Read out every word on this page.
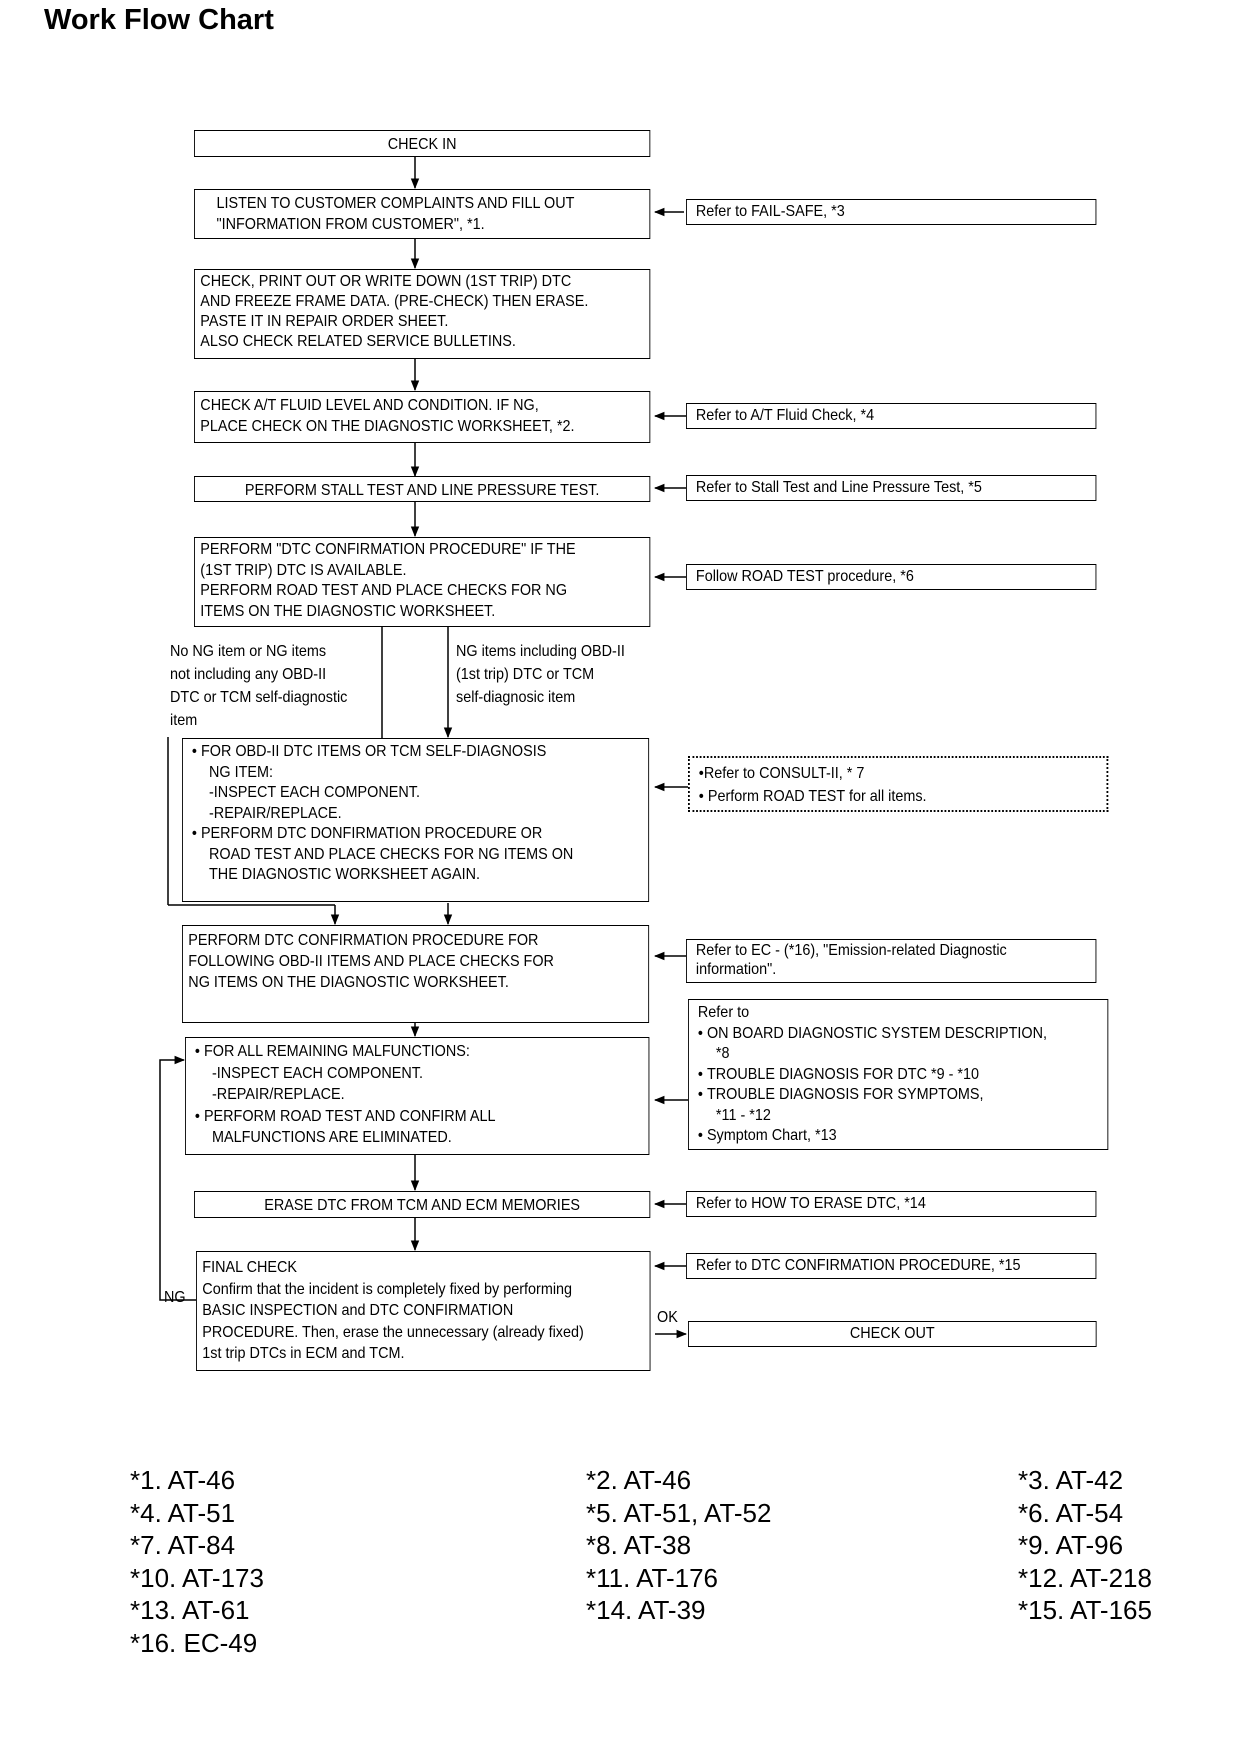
Work Flow Chart
CHECK IN
LISTEN TO CUSTOMER COMPLAINTS AND FILL OUT
"INFORMATION FROM CUSTOMER", *1.
CHECK, PRINT OUT OR WRITE DOWN (1ST TRIP) DTC
AND FREEZE FRAME DATA. (PRE-CHECK) THEN ERASE.
PASTE IT IN REPAIR ORDER SHEET.
ALSO CHECK RELATED SERVICE BULLETINS.
CHECK A/T FLUID LEVEL AND CONDITION. IF NG,
PLACE CHECK ON THE DIAGNOSTIC WORKSHEET, *2.
PERFORM STALL TEST AND LINE PRESSURE TEST.
PERFORM "DTC CONFIRMATION PROCEDURE" IF THE
(1ST TRIP) DTC IS AVAILABLE.
PERFORM ROAD TEST AND PLACE CHECKS FOR NG
ITEMS ON THE DIAGNOSTIC WORKSHEET.
No NG item or NG items
not including any OBD-II
DTC or TCM self-diagnostic
item
NG items including OBD-II
(1st trip) DTC or TCM
self-diagnosic item
• FOR OBD-II DTC ITEMS OR TCM SELF-DIAGNOSIS
NG ITEM:
-INSPECT EACH COMPONENT.
-REPAIR/REPLACE.
• PERFORM DTC DONFIRMATION PROCEDURE OR
ROAD TEST AND PLACE CHECKS FOR NG ITEMS ON
THE DIAGNOSTIC WORKSHEET AGAIN.
PERFORM DTC CONFIRMATION PROCEDURE FOR
FOLLOWING OBD-II ITEMS AND PLACE CHECKS FOR
NG ITEMS ON THE DIAGNOSTIC WORKSHEET.
• FOR ALL REMAINING MALFUNCTIONS:
-INSPECT EACH COMPONENT.
-REPAIR/REPLACE.
• PERFORM ROAD TEST AND CONFIRM ALL
MALFUNCTIONS ARE ELIMINATED.
ERASE DTC FROM TCM AND ECM MEMORIES
FINAL CHECK
Confirm that the incident is completely fixed by performing
BASIC INSPECTION and DTC CONFIRMATION
PROCEDURE. Then, erase the unnecessary (already fixed)
1st trip DTCs in ECM and TCM.
NG
OK
Refer to FAIL-SAFE, *3
Refer to A/T Fluid Check, *4
Refer to Stall Test and Line Pressure Test, *5
Follow ROAD TEST procedure, *6
•Refer to CONSULT-II, * 7
• Perform ROAD TEST for all items.
Refer to EC - (*16), "Emission-related Diagnostic
information".
Refer to
• ON BOARD DIAGNOSTIC SYSTEM DESCRIPTION,
*8
• TROUBLE DIAGNOSIS FOR DTC *9 - *10
• TROUBLE DIAGNOSIS FOR SYMPTOMS,
*11 - *12
• Symptom Chart, *13
Refer to HOW TO ERASE DTC, *14
Refer to DTC CONFIRMATION PROCEDURE, *15
CHECK OUT
*1. AT-46
*4. AT-51
*7. AT-84
*10. AT-173
*13. AT-61
*16. EC-49
*2. AT-46
*5. AT-51, AT-52
*8. AT-38
*11. AT-176
*14. AT-39
*3. AT-42
*6. AT-54
*9. AT-96
*12. AT-218
*15. AT-165
